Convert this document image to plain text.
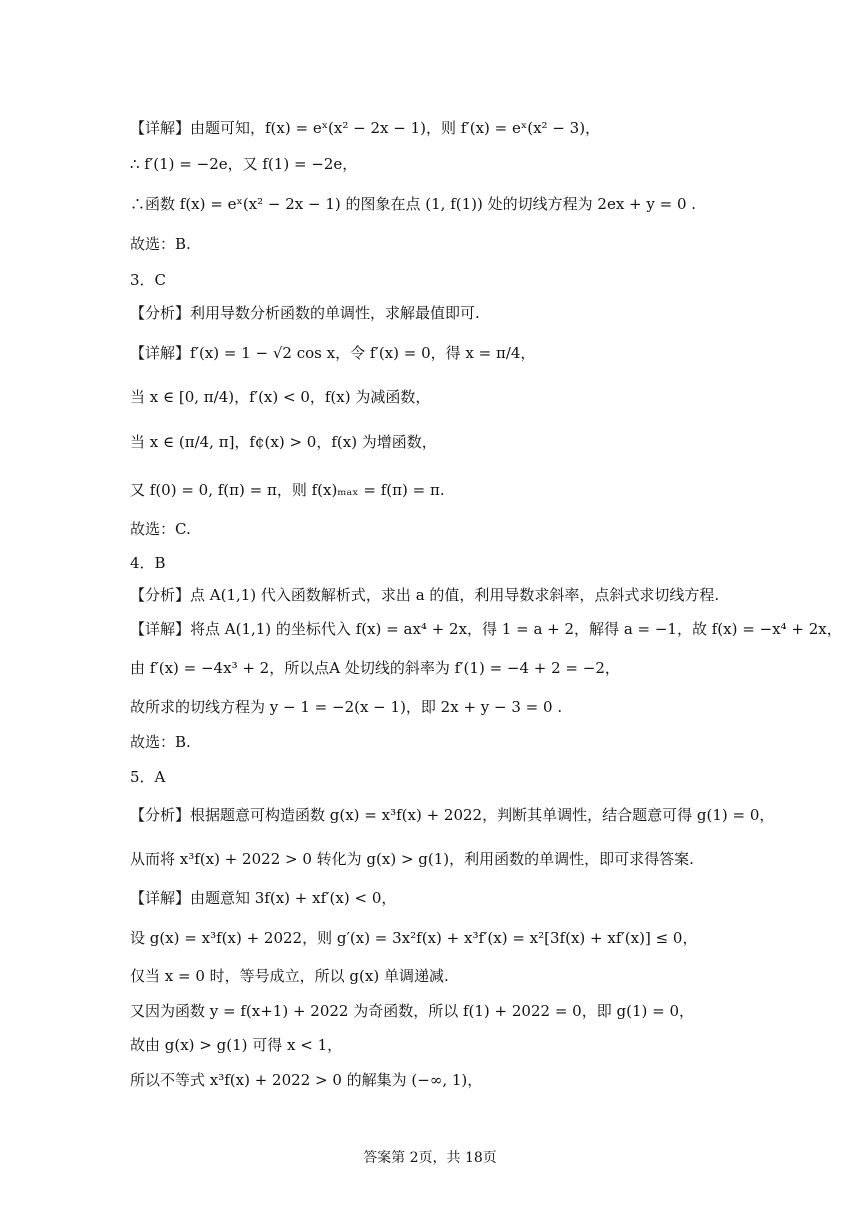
【详解】由题可知，f(x) = eˣ(x² − 2x − 1)，则 f′(x) = eˣ(x² − 3)，
∴ f′(1) = −2e，又 f(1) = −2e，
∴函数 f(x) = eˣ(x² − 2x − 1) 的图象在点 (1, f(1)) 处的切线方程为 2ex + y = 0 .
故选：B.
3．C
【分析】利用导数分析函数的单调性，求解最值即可.
【详解】f′(x) = 1 − √2 cos x，令 f′(x) = 0，得 x = π/4，
当 x ∈ [0, π/4)，f′(x) < 0，f(x) 为减函数，
当 x ∈ (π/4, π]，f¢(x) > 0，f(x) 为增函数，
又 f(0) = 0, f(π) = π，则 f(x)ₘₐₓ = f(π) = π.
故选：C.
4．B
【分析】点 A(1,1) 代入函数解析式，求出 a 的值，利用导数求斜率，点斜式求切线方程.
【详解】将点 A(1,1) 的坐标代入 f(x) = ax⁴ + 2x，得 1 = a + 2，解得 a = −1，故 f(x) = −x⁴ + 2x，
由 f′(x) = −4x³ + 2，所以点A 处切线的斜率为 f′(1) = −4 + 2 = −2，
故所求的切线方程为 y − 1 = −2(x − 1)，即 2x + y − 3 = 0 .
故选：B.
5．A
【分析】根据题意可构造函数 g(x) = x³f(x) + 2022，判断其单调性，结合题意可得 g(1) = 0，
从而将 x³f(x) + 2022 > 0 转化为 g(x) > g(1)，利用函数的单调性，即可求得答案.
【详解】由题意知 3f(x) + xf′(x) < 0，
设 g(x) = x³f(x) + 2022，则 g′(x) = 3x²f(x) + x³f′(x) = x²[3f(x) + xf′(x)] ≤ 0，
仅当 x = 0 时，等号成立，所以 g(x) 单调递减.
又因为函数 y = f(x+1) + 2022 为奇函数，所以 f(1) + 2022 = 0，即 g(1) = 0，
故由 g(x) > g(1) 可得 x < 1，
所以不等式 x³f(x) + 2022 > 0 的解集为 (−∞, 1)，
答案第 2页，共 18页
